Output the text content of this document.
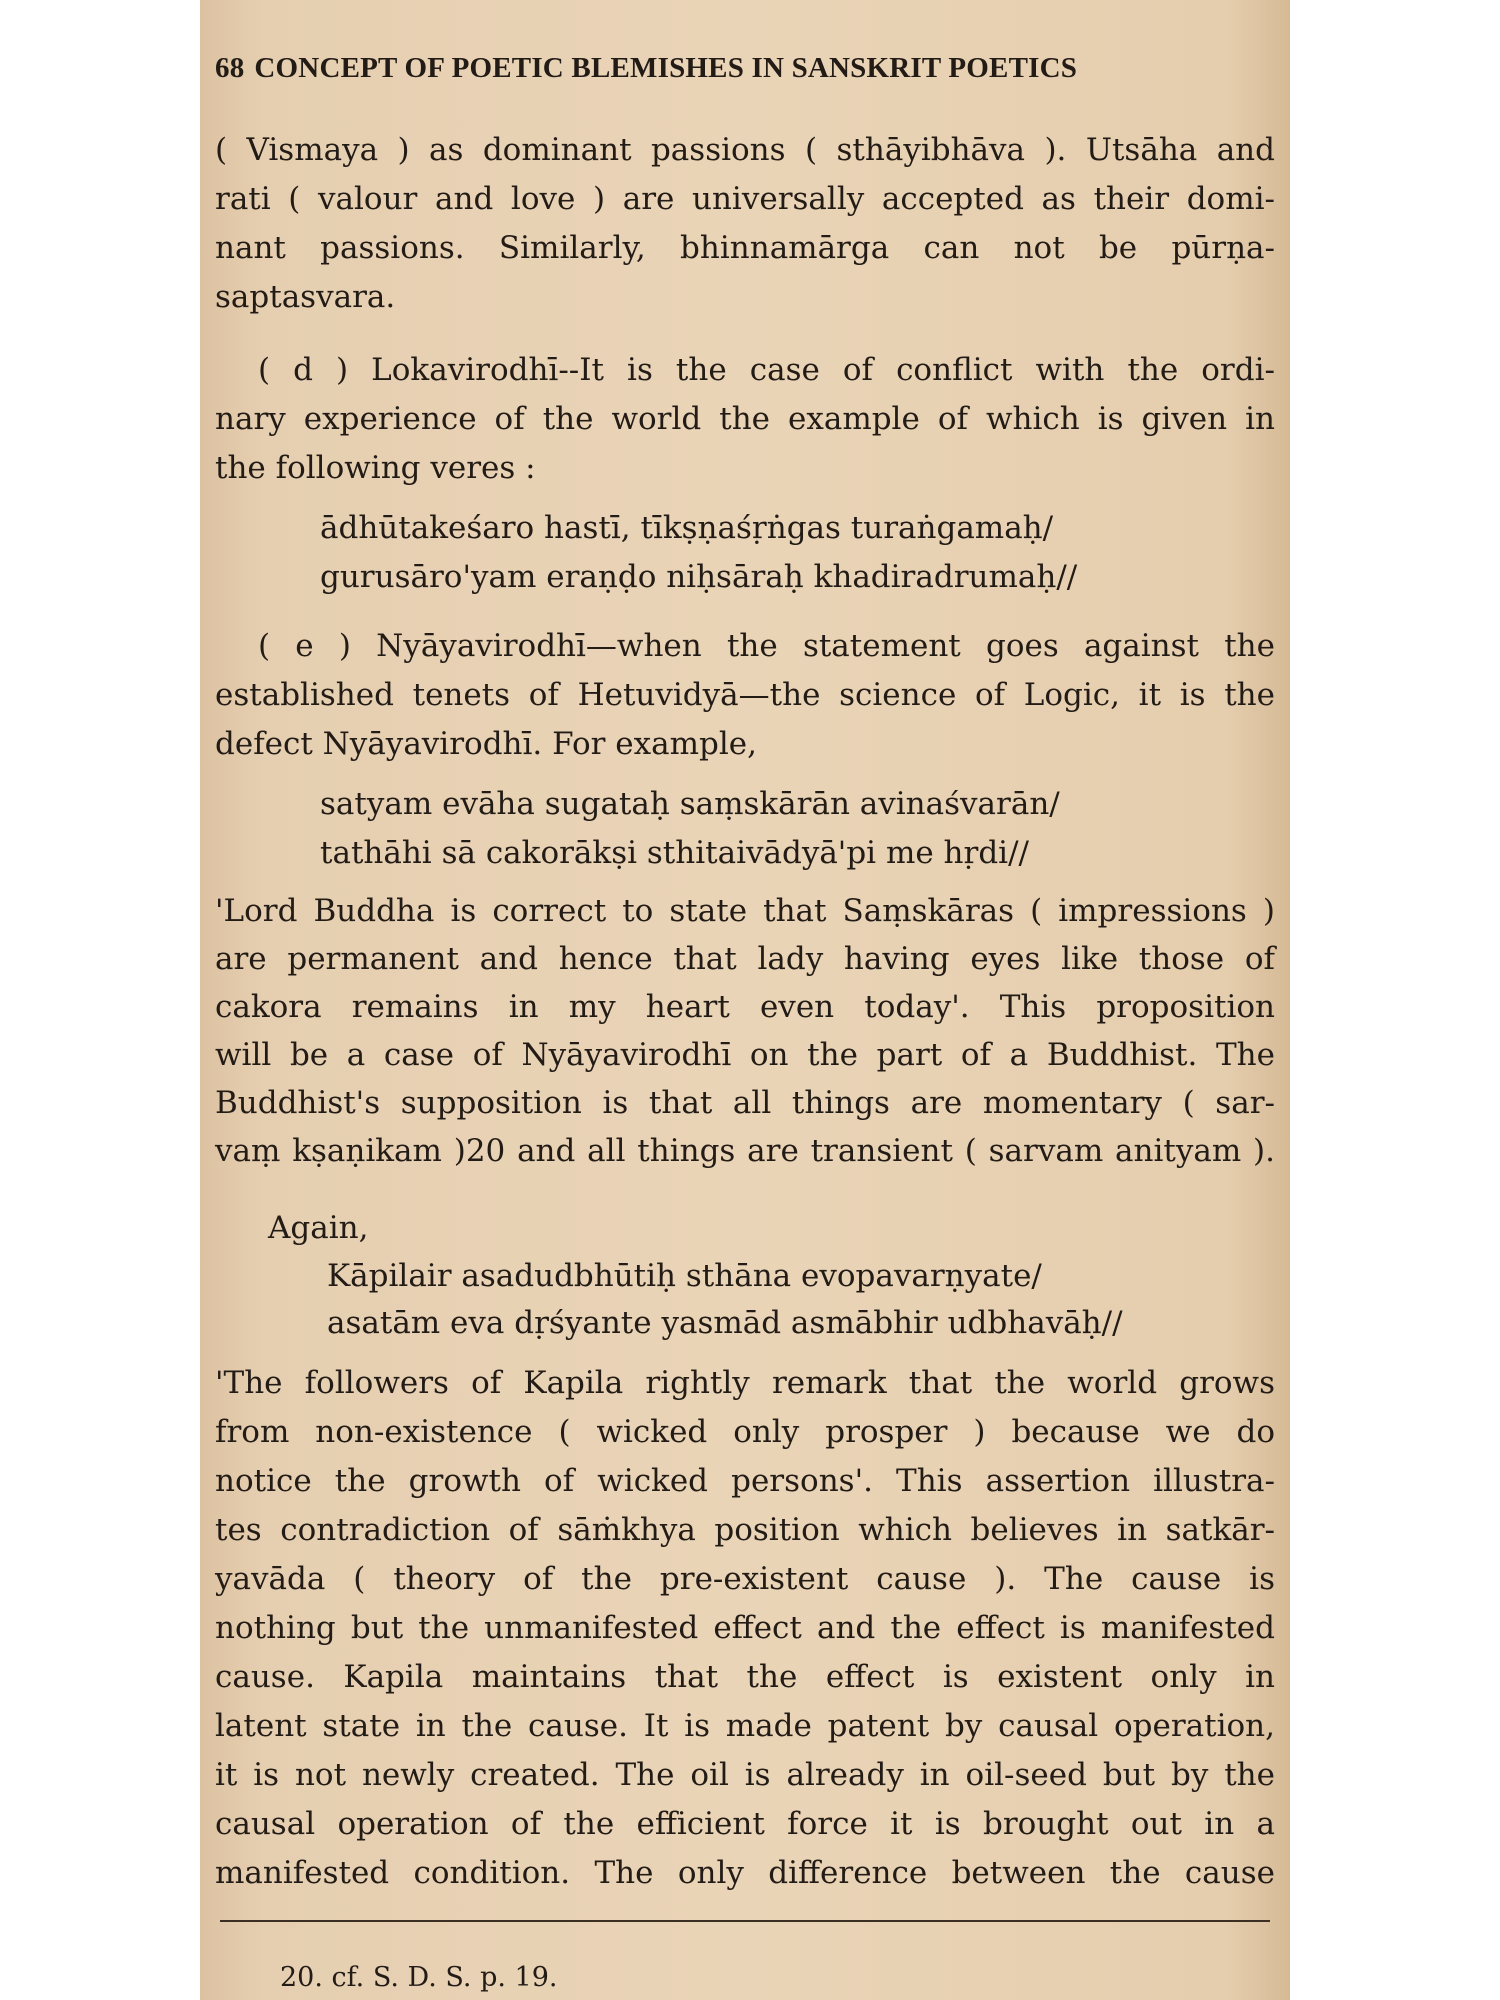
68 CONCEPT OF POETIC BLEMISHES IN SANSKRIT POETICS
( Vismaya ) as dominant passions ( sthāyibhāva ). Utsāha and
rati ( valour and love ) are universally accepted as their domi-
nant passions. Similarly, bhinnamārga can not be pūrṇa-
saptasvara.
( d ) Lokavirodhī--It is the case of conflict with the ordi-
nary experience of the world the example of which is given in
the following veres :
ādhūtakeśaro hastī, tīkṣṇaśṛṅgas turaṅgamaḥ/
gurusāro'yam eraṇḍo niḥsāraḥ khadiradrumaḥ//
( e ) Nyāyavirodhī—when the statement goes against the
established tenets of Hetuvidyā—the science of Logic, it is the
defect Nyāyavirodhī. For example,
satyam evāha sugataḥ saṃskārān avinaśvarān/
tathāhi sā cakorākṣi sthitaivādyā'pi me hṛdi//
'Lord Buddha is correct to state that Saṃskāras ( impressions )
are permanent and hence that lady having eyes like those of
cakora remains in my heart even today'. This proposition
will be a case of Nyāyavirodhī on the part of a Buddhist. The
Buddhist's supposition is that all things are momentary ( sar-
vaṃ kṣaṇikam )20 and all things are transient ( sarvam anityam ).
Again,
Kāpilair asadudbhūtiḥ sthāna evopavarṇyate/
asatām eva dṛśyante yasmād asmābhir udbhavāḥ//
'The followers of Kapila rightly remark that the world grows
from non-existence ( wicked only prosper ) because we do
notice the growth of wicked persons'. This assertion illustra-
tes contradiction of sāṁkhya position which believes in satkār-
yavāda ( theory of the pre-existent cause ). The cause is
nothing but the unmanifested effect and the effect is manifested
cause. Kapila maintains that the effect is existent only in
latent state in the cause. It is made patent by causal operation,
it is not newly created. The oil is already in oil-seed but by the
causal operation of the efficient force it is brought out in a
manifested condition. The only difference between the cause
20. cf. S. D. S. p. 19.
